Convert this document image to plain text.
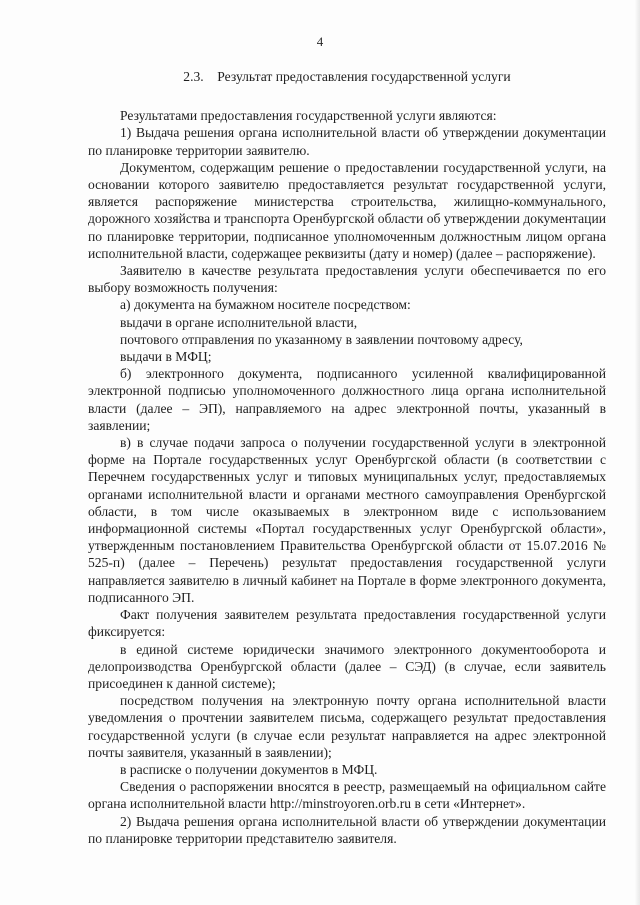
4
2.3. Результат предоставления государственной услуги

Результатами предоставления государственной услуги являются:

1) Выдача решения органа исполнительной власти об утверждении документации по планировке территории заявителю.

Документом, содержащим решение о предоставлении государственной услуги, на основании которого заявителю предоставляется результат государственной услуги, является распоряжение министерства строительства, жилищно-коммунального, дорожного хозяйства и транспорта Оренбургской области об утверждении документации по планировке территории, подписанное уполномоченным должностным лицом органа исполнительной власти, содержащее реквизиты (дату и номер) (далее – распоряжение).

Заявителю в качестве результата предоставления услуги обеспечивается по его выбору возможность получения:

а) документа на бумажном носителе посредством:

выдачи в органе исполнительной власти,

почтового отправления по указанному в заявлении почтовому адресу,

выдачи в МФЦ;

б) электронного документа, подписанного усиленной квалифицированной электронной подписью уполномоченного должностного лица органа исполнительной власти (далее – ЭП), направляемого на адрес электронной почты, указанный в заявлении;

в) в случае подачи запроса о получении государственной услуги в электронной форме на Портале государственных услуг Оренбургской области (в соответствии с Перечнем государственных услуг и типовых муниципальных услуг, предоставляемых органами исполнительной власти и органами местного самоуправления Оренбургской области, в том числе оказываемых в электронном виде с использованием информационной системы «Портал государственных услуг Оренбургской области», утвержденным постановлением Правительства Оренбургской области от 15.07.2016 № 525-п) (далее – Перечень) результат предоставления государственной услуги направляется заявителю в личный кабинет на Портале в форме электронного документа, подписанного ЭП.

Факт получения заявителем результата предоставления государственной услуги фиксируется:

в единой системе юридически значимого электронного документооборота и делопроизводства Оренбургской области (далее – СЭД) (в случае, если заявитель присоединен к данной системе);

посредством получения на электронную почту органа исполнительной власти уведомления о прочтении заявителем письма, содержащего результат предоставления государственной услуги (в случае если результат направляется на адрес электронной почты заявителя, указанный в заявлении);

в расписке о получении документов в МФЦ.

Сведения о распоряжении вносятся в реестр, размещаемый на официальном сайте органа исполнительной власти http://minstroyoren.orb.ru в сети «Интернет».

2) Выдача решения органа исполнительной власти об утверждении документации по планировке территории представителю заявителя.
